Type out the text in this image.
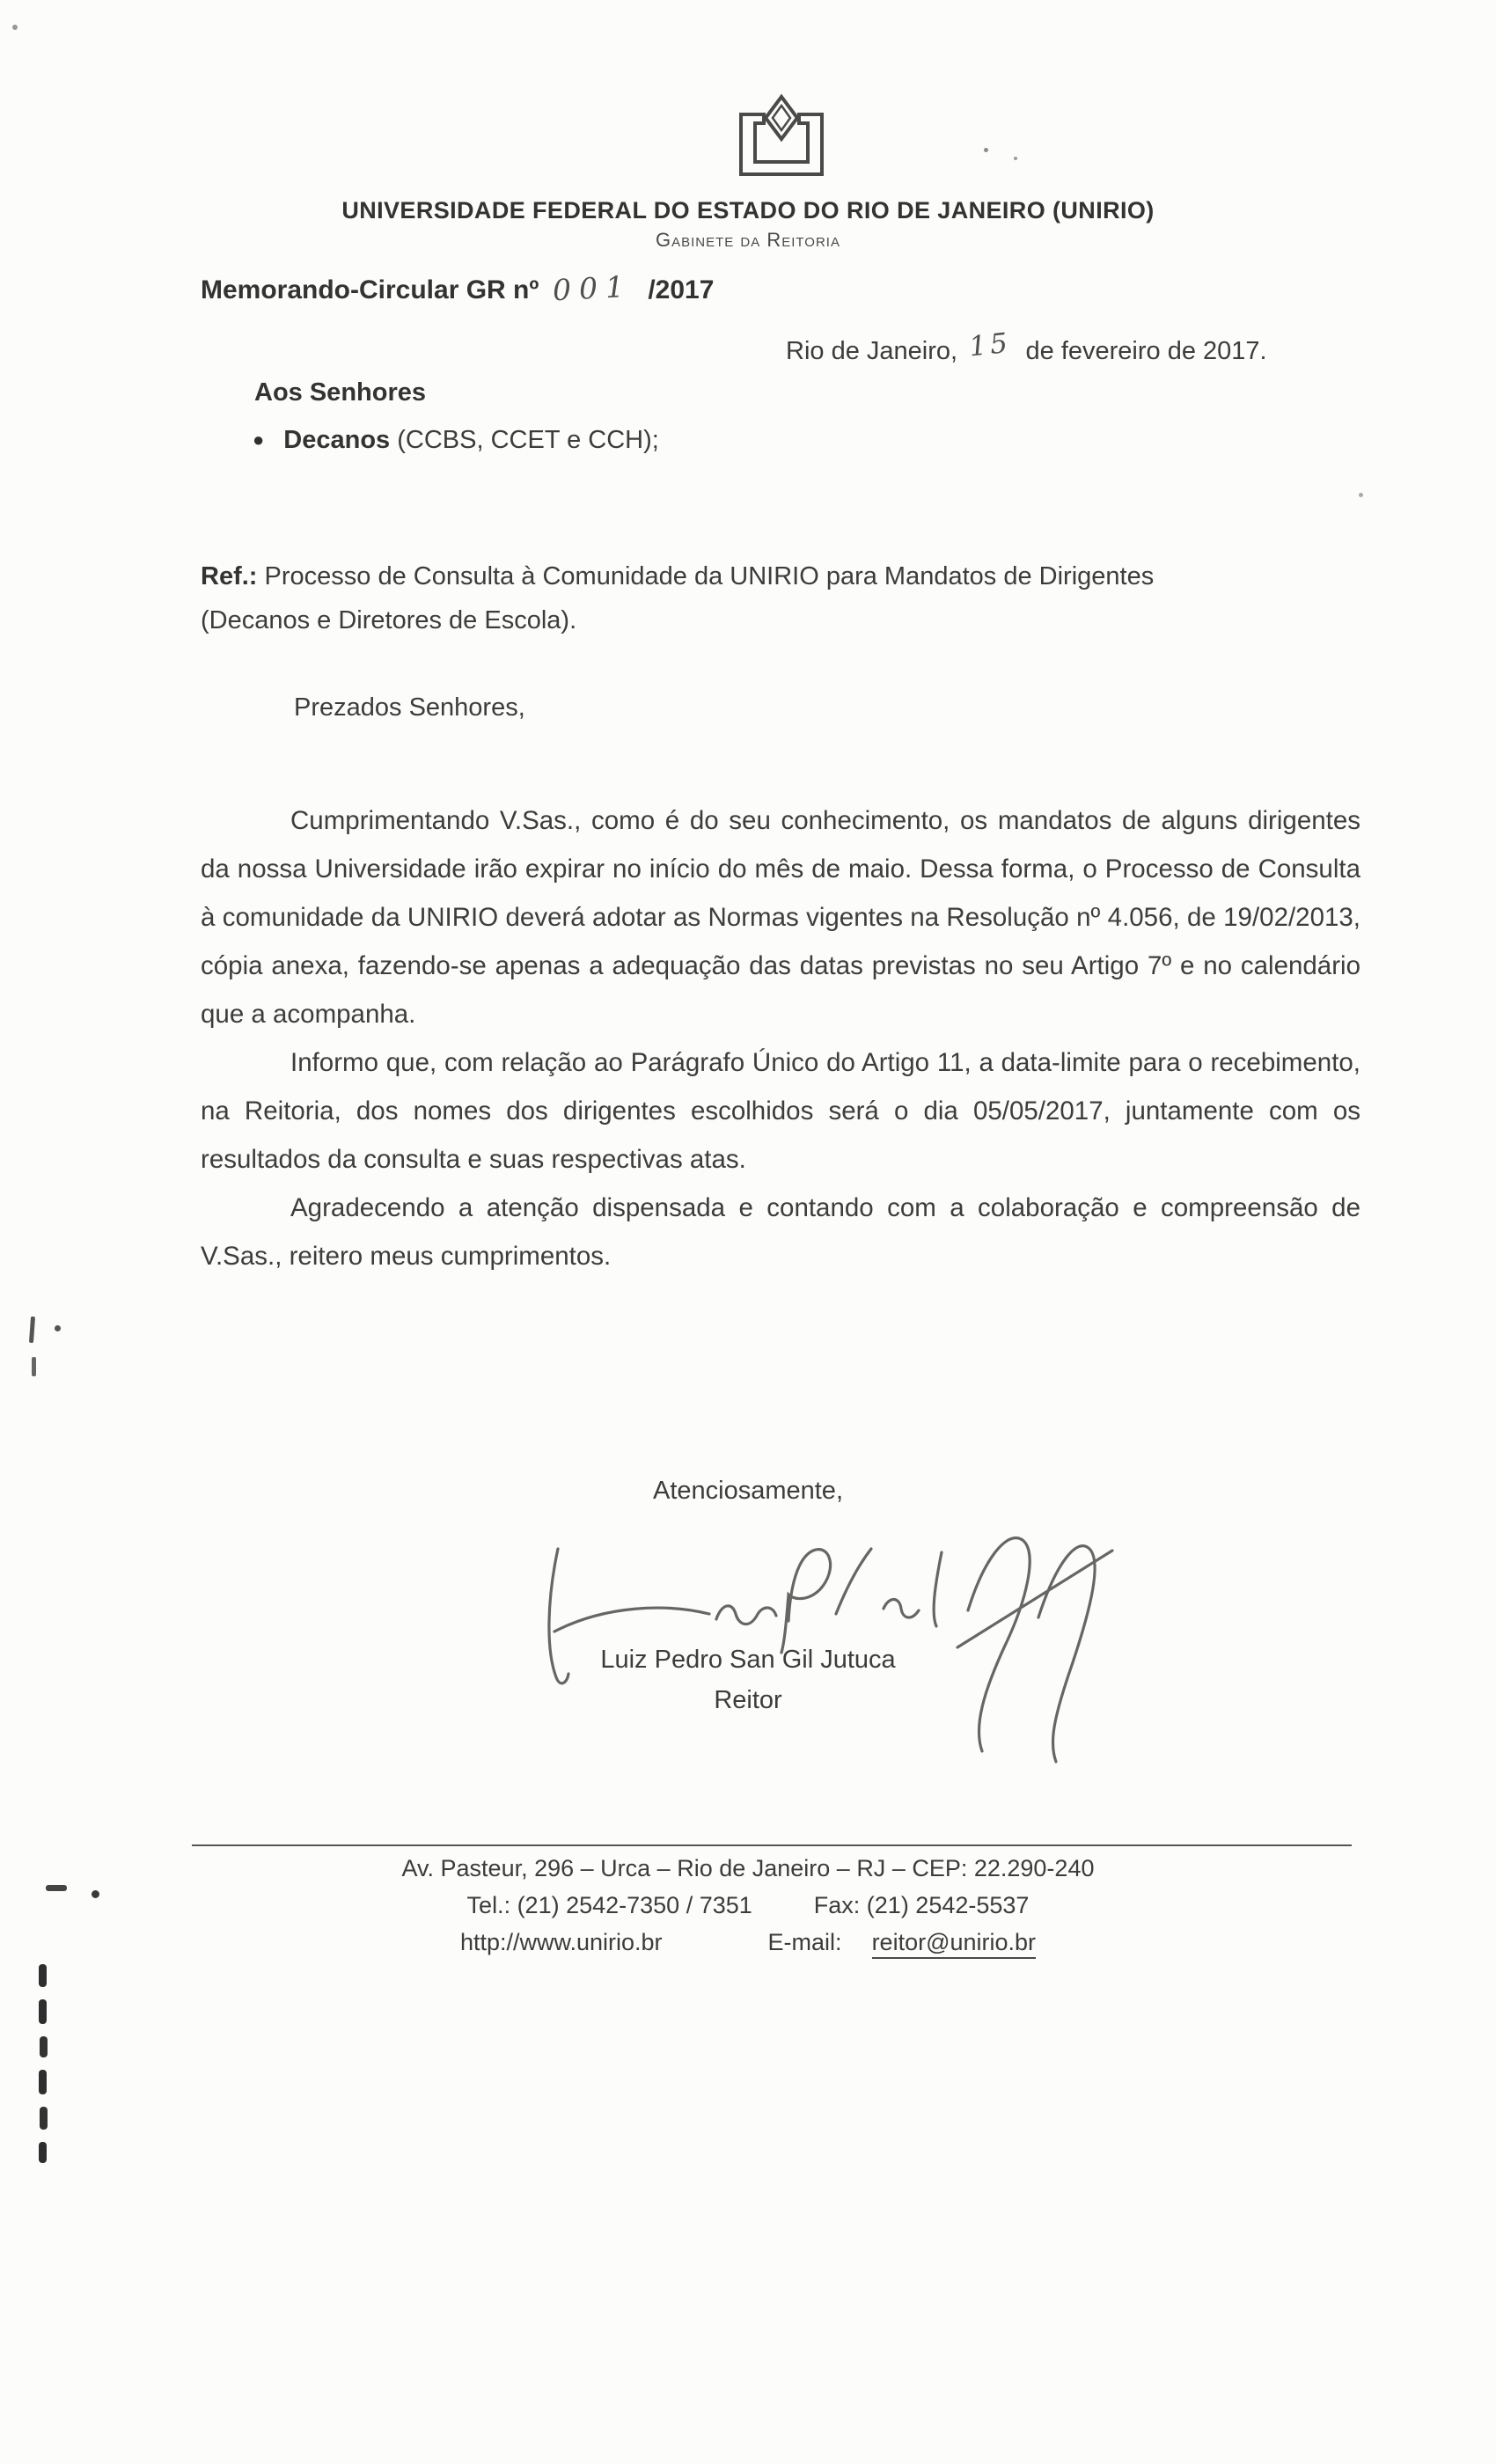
UNIVERSIDADE FEDERAL DO ESTADO DO RIO DE JANEIRO (UNIRIO)
Gabinete da Reitoria
Memorando-Circular GR nº 001 /2017
Rio de Janeiro, 15 de fevereiro de 2017.
Aos Senhores
● Decanos (CCBS, CCET e CCH);
Ref.: Processo de Consulta à Comunidade da UNIRIO para Mandatos de Dirigentes (Decanos e Diretores de Escola).
Prezados Senhores,

Cumprimentando V.Sas., como é do seu conhecimento, os mandatos de alguns dirigentes da nossa Universidade irão expirar no início do mês de maio. Dessa forma, o Processo de Consulta à comunidade da UNIRIO deverá adotar as Normas vigentes na Resolução nº 4.056, de 19/02/2013, cópia anexa, fazendo-se apenas a adequação das datas previstas no seu Artigo 7º e no calendário que a acompanha.

Informo que, com relação ao Parágrafo Único do Artigo 11, a data-limite para o recebimento, na Reitoria, dos nomes dos dirigentes escolhidos será o dia 05/05/2017, juntamente com os resultados da consulta e suas respectivas atas.

Agradecendo a atenção dispensada e contando com a colaboração e compreensão de V.Sas., reitero meus cumprimentos.

Atenciosamente,
Luiz Pedro San Gil Jutuca
Reitor
Av. Pasteur, 296 – Urca – Rio de Janeiro – RJ – CEP: 22.290-240
Tel.: (21) 2542-7350 / 7351	Fax: (21) 2542-5537
http://www.unirio.br	E-mail: reitor@unirio.br
